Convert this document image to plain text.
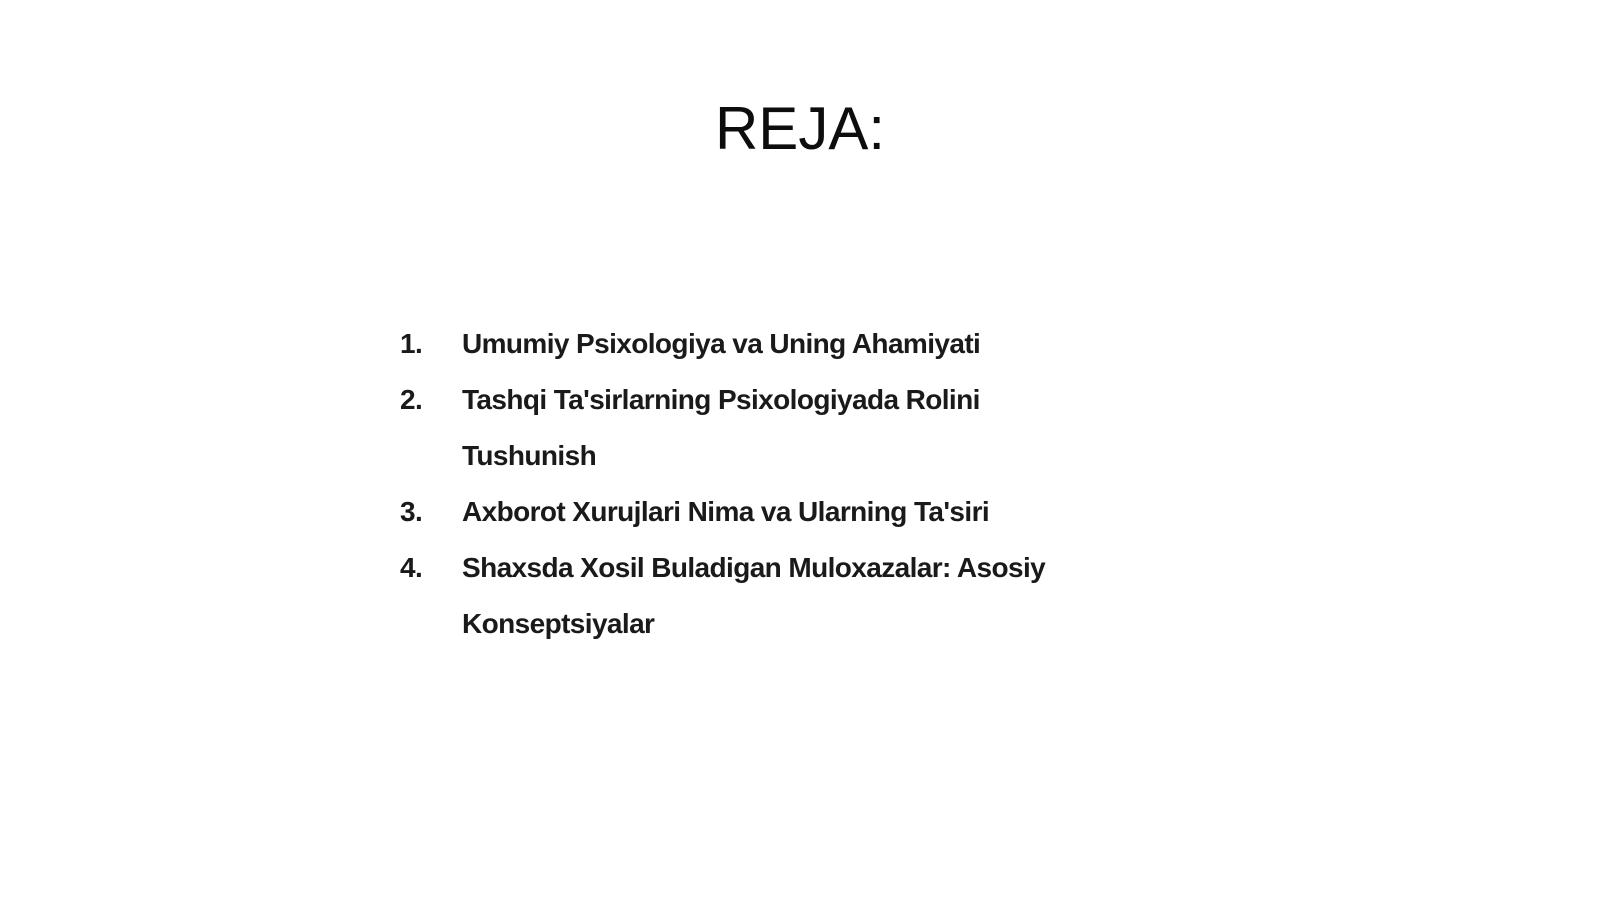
REJA:
1.	Umumiy Psixologiya va Uning Ahamiyati
2.	Tashqi Ta'sirlarning Psixologiyada Rolini Tushunish
3.	Axborot Xurujlari Nima va Ularning Ta'siri
4.	Shaxsda Xosil Buladigan Muloxazalar: Asosiy Konseptsiyalar
